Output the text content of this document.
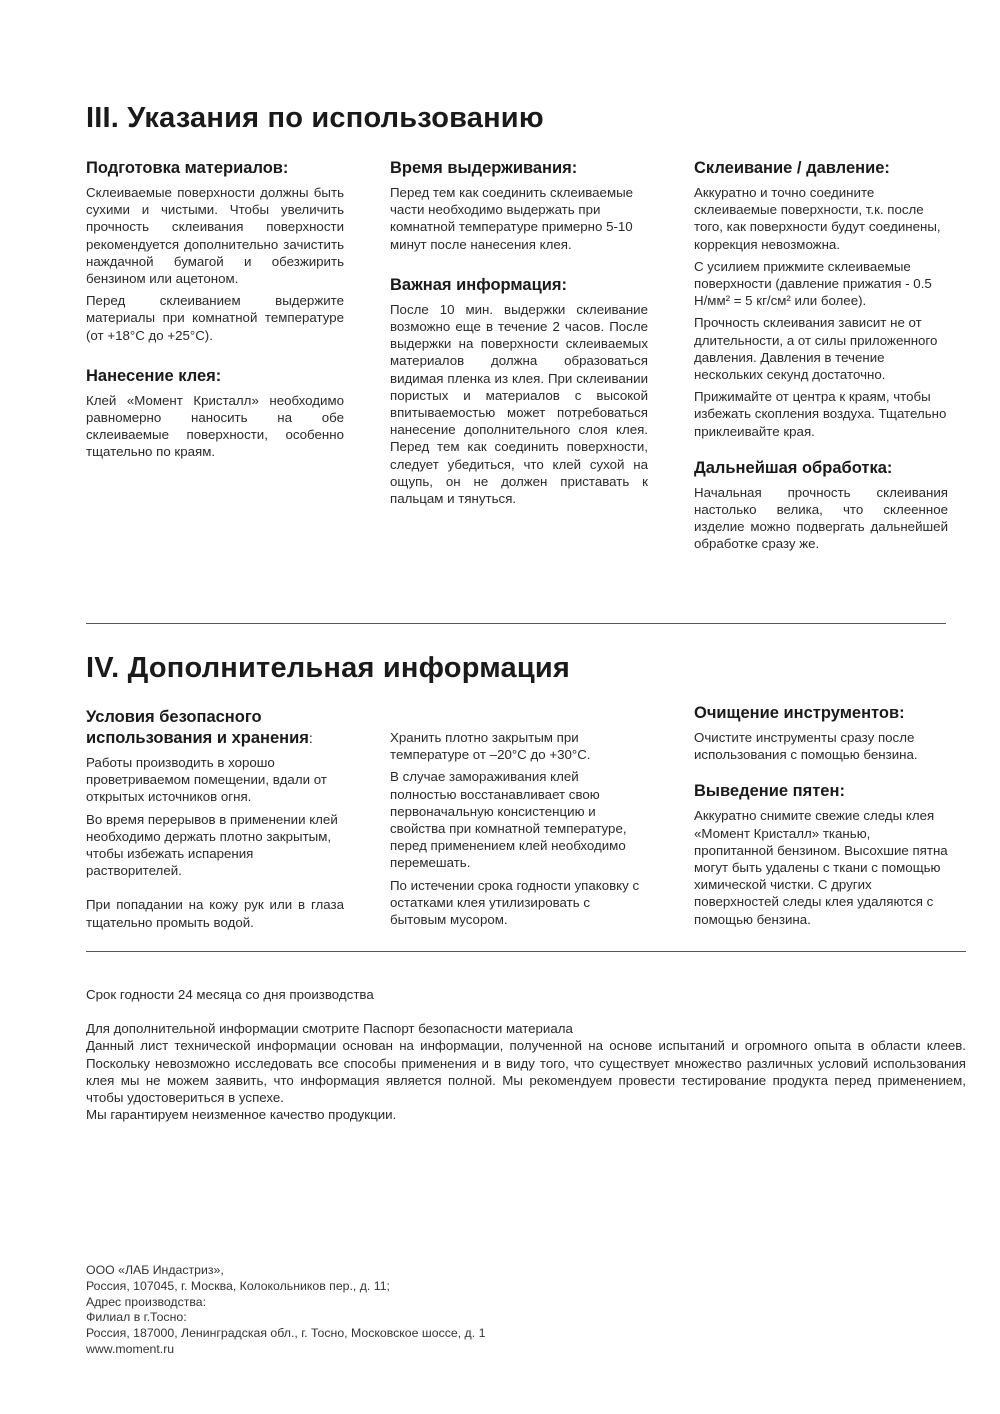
III. Указания по использованию
Подготовка материалов:

Склеиваемые поверхности должны быть сухими и чистыми. Чтобы увеличить прочность склеивания поверхности рекомендуется дополнительно зачистить наждачной бумагой и обезжирить бензином или ацетоном.

Перед склеиванием выдержите материалы при комнатной температуре (от +18°С до +25°С).

Нанесение клея:

Клей «Момент Кристалл» необходимо равномерно наносить на обе склеиваемые поверхности, особенно тщательно по краям.

Время выдерживания:

Перед тем как соединить склеиваемые части необходимо выдержать при комнатной температуре примерно 5-10 минут после нанесения клея.

Важная информация:

После 10 мин. выдержки склеивание возможно еще в течение 2 часов. После выдержки на поверхности склеиваемых материалов должна образоваться видимая пленка из клея. При склеивании пористых и материалов с высокой впитываемостью может потребоваться нанесение дополнительного слоя клея. Перед тем как соединить поверхности, следует убедиться, что клей сухой на ощупь, он не должен приставать к пальцам и тянуться.

Склеивание / давление:

Аккуратно и точно соедините склеиваемые поверхности, т.к. после того, как поверхности будут соединены, коррекция невозможна.

С усилием прижмите склеиваемые поверхности (давление прижатия - 0.5 Н/мм² = 5 кг/см² или более).

Прочность склеивания зависит не от длительности, а от силы приложенного давления. Давления в течение нескольких секунд достаточно.

Прижимайте от центра к краям, чтобы избежать скопления воздуха. Тщательно приклеивайте края.

Дальнейшая обработка:

Начальная прочность склеивания настолько велика, что склеенное изделие можно подвергать дальнейшей обработке сразу же.

IV. Дополнительная информация
Условия безопасного
использования и хранения:

Работы производить в хорошо проветриваемом помещении, вдали от открытых источников огня.

Во время перерывов в применении клей необходимо держать плотно закрытым, чтобы избежать испарения растворителей.

При попадании на кожу рук или в глаза тщательно промыть водой.

Хранить плотно закрытым при температуре от –20°С до +30°С.

В случае замораживания клей полностью восстанавливает свою первоначальную консистенцию и свойства при комнатной температуре, перед применением клей необходимо перемешать.

По истечении срока годности упаковку с остатками клея утилизировать с бытовым мусором.

Очищение инструментов:

Очистите инструменты сразу после использования с помощью бензина.

Выведение пятен:

Аккуратно снимите свежие следы клея «Момент Кристалл» тканью, пропитанной бензином. Высохшие пятна могут быть удалены с ткани с помощью химической чистки. С других поверхностей следы клея удаляются с помощью бензина.

Срок годности 24 месяца со дня производства

Для дополнительной информации смотрите Паспорт безопасности материала

Данный лист технической информации основан на информации, полученной на основе испытаний и огромного опыта в области клеев. Поскольку невозможно исследовать все способы применения и в виду того, что существует множество различных условий использования клея мы не можем заявить, что информация является полной. Мы рекомендуем провести тестирование продукта перед применением, чтобы удостовериться в успехе.

Мы гарантируем неизменное качество продукции.

ООО «ЛАБ Индастриз»,
Россия, 107045, г. Москва, Колокольников пер., д. 11;
Адрес производства:
Филиал в г.Тосно:
Россия, 187000, Ленинградская обл., г. Тосно, Московское шоссе, д. 1
www.moment.ru
